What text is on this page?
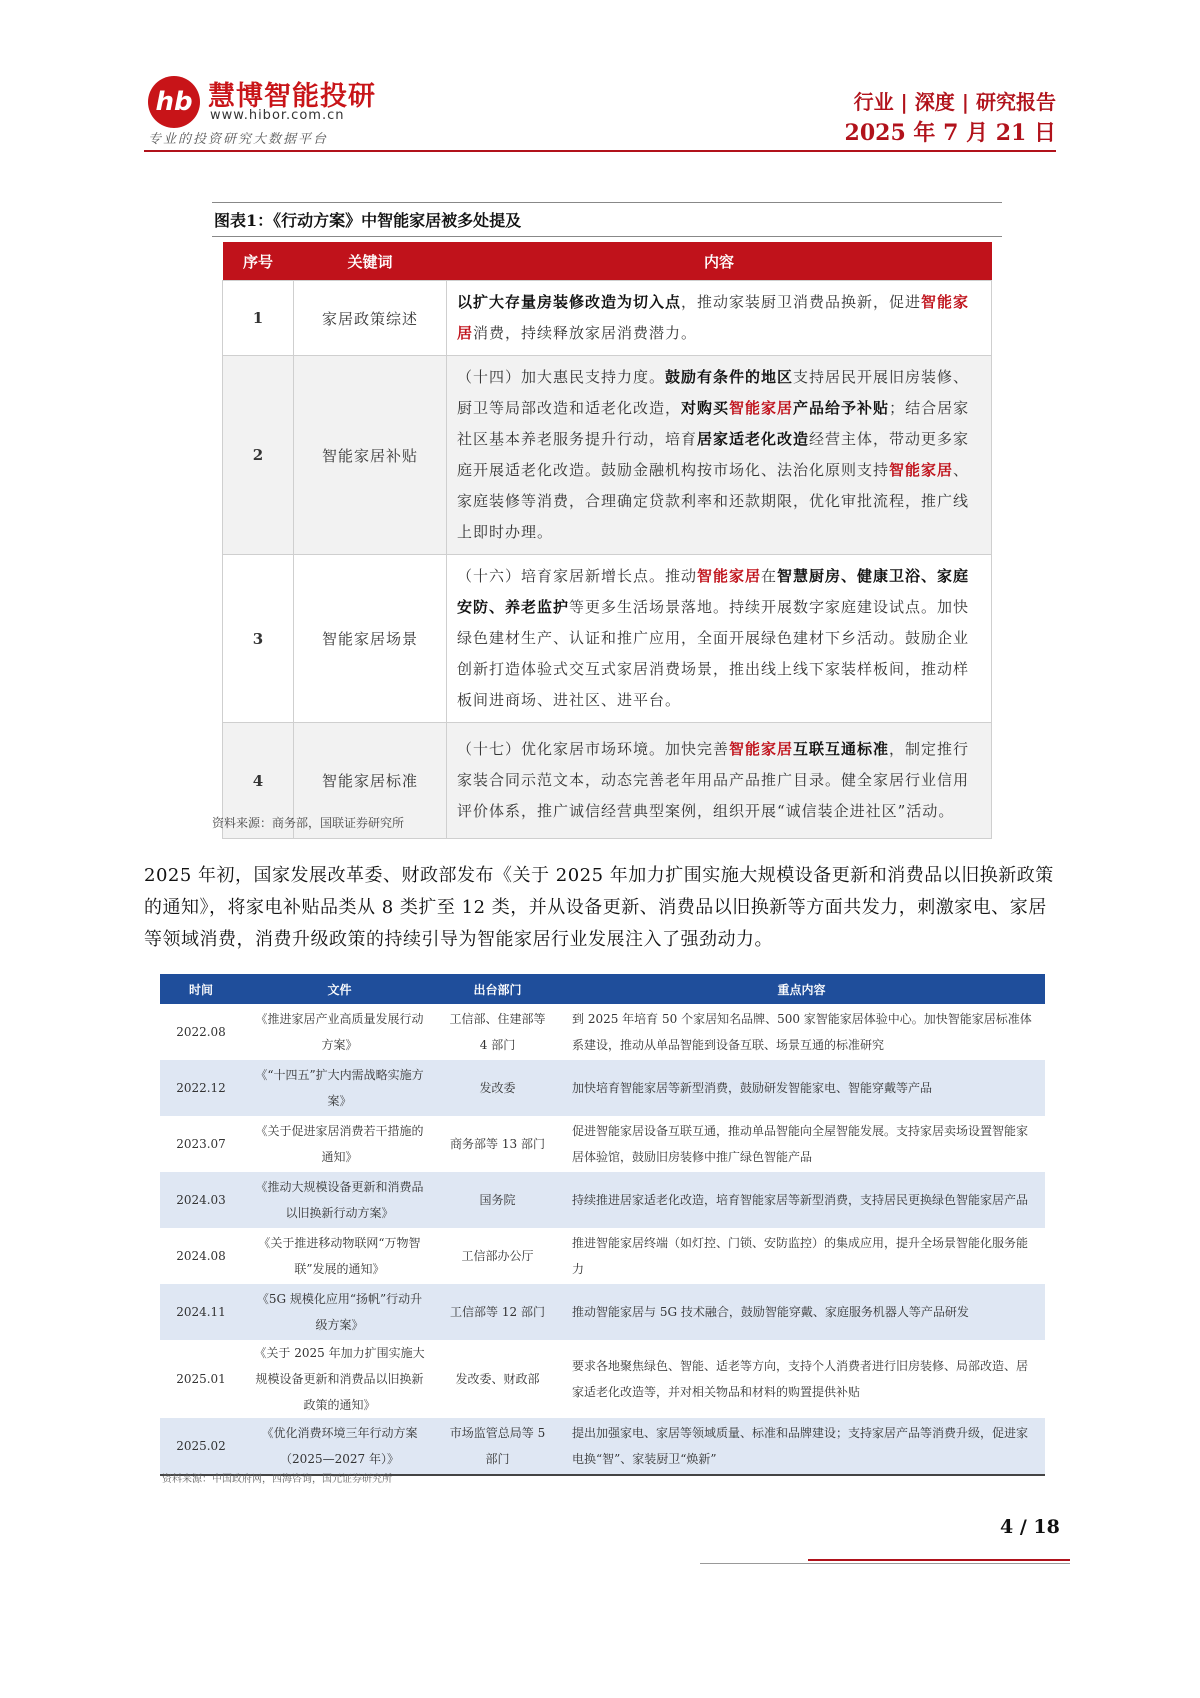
hb 慧博智能投研
www.hibor.com.cn
专业的投资研究大数据平台
行业 | 深度 | 研究报告
2025 年 7 月 21 日
图表1：《行动方案》中智能家居被多处提及
序号	关键词	内容
1	家居政策综述	以扩大存量房装修改造为切入点，推动家装厨卫消费品换新，促进智能家居消费，持续释放家居消费潜力。
2	智能家居补贴	（十四）加大惠民支持力度。鼓励有条件的地区支持居民开展旧房装修、厨卫等局部改造和适老化改造，对购买智能家居产品给予补贴；结合居家社区基本养老服务提升行动，培育居家适老化改造经营主体，带动更多家庭开展适老化改造。鼓励金融机构按市场化、法治化原则支持智能家居、家庭装修等消费，合理确定贷款利率和还款期限，优化审批流程，推广线上即时办理。
3	智能家居场景	（十六）培育家居新增长点。推动智能家居在智慧厨房、健康卫浴、家庭安防、养老监护等更多生活场景落地。持续开展数字家庭建设试点。加快绿色建材生产、认证和推广应用，全面开展绿色建材下乡活动。鼓励企业创新打造体验式交互式家居消费场景，推出线上线下家装样板间，推动样板间进商场、进社区、进平台。
4	智能家居标准	（十七）优化家居市场环境。加快完善智能家居互联互通标准，制定推行家装合同示范文本，动态完善老年用品产品推广目录。健全家居行业信用评价体系，推广诚信经营典型案例，组织开展“诚信装企进社区”活动。
资料来源：商务部，国联证券研究所
2025 年初，国家发展改革委、财政部发布《关于 2025 年加力扩围实施大规模设备更新和消费品以旧换新政策的通知》，将家电补贴品类从 8 类扩至 12 类，并从设备更新、消费品以旧换新等方面共发力，刺激家电、家居等领域消费，消费升级政策的持续引导为智能家居行业发展注入了强劲动力。
时间	文件	出台部门	重点内容
2022.08	《推进家居产业高质量发展行动方案》	工信部、住建部等 4 部门	到 2025 年培育 50 个家居知名品牌、500 家智能家居体验中心。加快智能家居标准体系建设，推动从单品智能到设备互联、场景互通的标准研究
2022.12	《“十四五”扩大内需战略实施方案》	发改委	加快培育智能家居等新型消费，鼓励研发智能家电、智能穿戴等产品
2023.07	《关于促进家居消费若干措施的通知》	商务部等 13 部门	促进智能家居设备互联互通，推动单品智能向全屋智能发展。支持家居卖场设置智能家居体验馆，鼓励旧房装修中推广绿色智能产品
2024.03	《推动大规模设备更新和消费品以旧换新行动方案》	国务院	持续推进居家适老化改造，培育智能家居等新型消费，支持居民更换绿色智能家居产品
2024.08	《关于推进移动物联网“万物智联”发展的通知》	工信部办公厅	推进智能家居终端（如灯控、门锁、安防监控）的集成应用，提升全场景智能化服务能力
2024.11	《5G 规模化应用“扬帆”行动升级方案》	工信部等 12 部门	推动智能家居与 5G 技术融合，鼓励智能穿戴、家庭服务机器人等产品研发
2025.01	《关于 2025 年加力扩围实施大规模设备更新和消费品以旧换新政策的通知》	发改委、财政部	要求各地聚焦绿色、智能、适老等方向，支持个人消费者进行旧房装修、局部改造、居家适老化改造等，并对相关物品和材料的购置提供补贴
2025.02	《优化消费环境三年行动方案（2025—2027 年）》	市场监管总局等 5 部门	提出加强家电、家居等领域质量、标准和品牌建设；支持家居产品等消费升级，促进家电换“智”、家装厨卫“焕新”
资料来源：中国政府网，四海咨询，国元证券研究所
4 / 18
